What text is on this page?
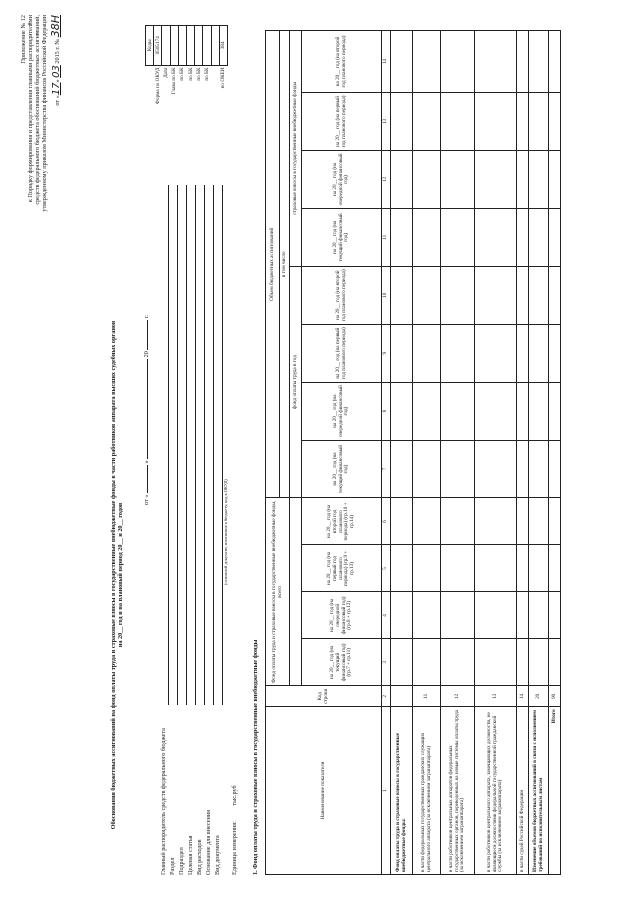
Приложение № 12 к Порядку формирования и представления главными распорядителями средств федерального бюджета обоснований бюджетных ассигнований, утвержденному приказом Министерства финансов Российской Федерации от «17» 03 2015 г. № 38Н
Обоснования бюджетных ассигнований на фонд оплаты труда и страховые взносы в государственные внебюджетные фонды в части работников аппарата высших судебных органов на 20__ год и на плановый период 20__ и 20__ годов
от «  »  20  г.
Главный распорядитель средств федерального бюджета Раздел Подраздел Целевая статья Вид расходов Основание для внесения Вид документа
(основной документ, изменения к бюджету, код к ОКУД)
Единица измерения: тыс.руб
	Коды
Форма по ОКУД	0505174
Дата	
Глава по БК	
по БК	
по БК	
по БК	
по БК	

по ОКЕИ	384
1. Фонд оплаты труда и страховые взносы в государственные внебюджетные фонды	Наименование показателя	Код строки	Фонд оплаты труда и страховые взносы в государственные внебюджетные фонды, всего				Объем бюджетных ассигнований							
						в том числе							
						фонд оплаты труда в год				страховые взносы в государственные внебюджетные фонды			
		на 20__ год (на текущий финансовый год) (гр.7 + гр.11)	на 20__ год (на очередной финансовый год) (гр.8 + гр.12)	на 20__ год (на первый год планового периода) (гр.9 + гр.13)	на 20__ год (на второй год планового периода) (гр.10 + гр.14)	на 20__ год (на текущий финансовый год)	на 20__ год (на очередной финансовый год)	на 20__ год (на первый год планового периода)	на 20__ год (на второй год планового периода)	на 20__ год (на текущий финансовый год)	на 20__ год (на очередной финансовый год)	на 20__ год (на первый год планового периода)	на 20__ год (на второй год планового периода)
1	2	3	4	5	6	7	8	9	10	11	12	13	14
Фонд оплаты труда и страховые взносы в государственные внебюджетные фонды:													
в части федеральных государственных гражданских служащих центрального аппарата (за исключением загранаппарата)	11												
в части работников центральных аппаратов федеральных государственных органов, переведенных на новые системы оплаты труда (за исключением загранаппарата)	12												
в части работников центрального аппарата, замещающих должности, не являющиеся должностями федеральной государственной гражданской службы (за исключением загранаппарата)	13												
в части судей Российской Федерации	14												
Изменение объемов бюджетных ассигнований в связи с исполнением требований по исполнительным листам	20												
Итого	90												
